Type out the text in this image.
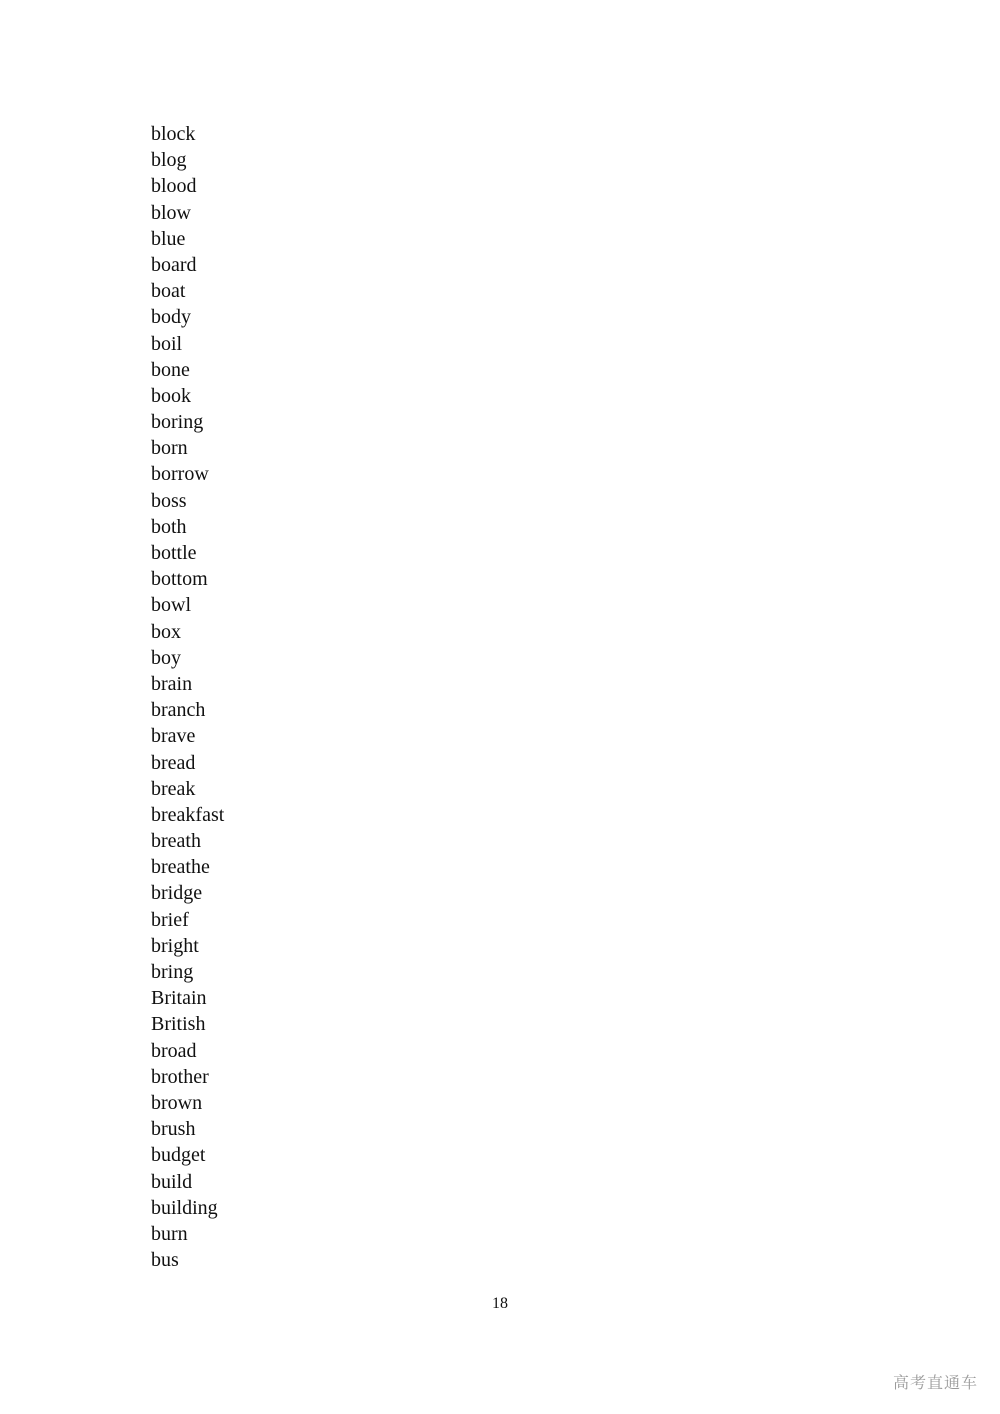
block
blog
blood
blow
blue
board
boat
body
boil
bone
book
boring
born
borrow
boss
both
bottle
bottom
bowl
box
boy
brain
branch
brave
bread
break
breakfast
breath
breathe
bridge
brief
bright
bring
Britain
British
broad
brother
brown
brush
budget
build
building
burn
bus
18
高考直通车
